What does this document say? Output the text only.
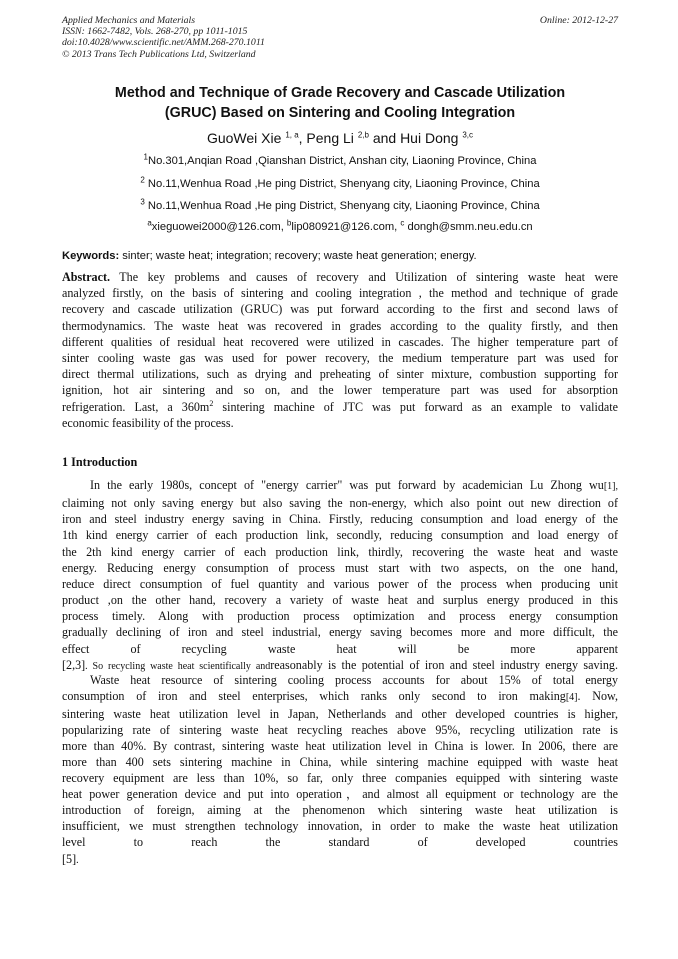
Applied Mechanics and Materials
ISSN: 1662-7482, Vols. 268-270, pp 1011-1015
doi:10.4028/www.scientific.net/AMM.268-270.1011
© 2013 Trans Tech Publications Ltd, Switzerland
Online: 2012-12-27
Method and Technique of Grade Recovery and Cascade Utilization
(GRUC) Based on Sintering and Cooling Integration
GuoWei Xie $^{1, a}$, Peng Li $^{2,b}$ and Hui Dong $^{3,c}$
$^1$No.301,Anqian Road ,Qianshan District, Anshan city, Liaoning Province, China
$^2$ No.11,Wenhua Road ,He ping District, Shenyang city, Liaoning Province, China
$^3$ No.11,Wenhua Road ,He ping District, Shenyang city, Liaoning Province, China
$^a$xieguowei2000@126.com, $^b$lip080921@126.com, $^c$ dongh@smm.neu.edu.cn
Keywords: sinter; waste heat; integration; recovery; waste heat generation; energy.
Abstract. The key problems and causes of recovery and Utilization of sintering waste heat were
analyzed firstly, on the basis of sintering and cooling integration , the method and technique of grade
recovery and cascade utilization (GRUC) was put forward according to the first and second laws of
thermodynamics. The waste heat was recovered in grades according to the quality firstly, and then
different qualities of residual heat recovered were utilized in cascades. The higher temperature part of
sinter cooling waste gas was used for power recovery, the medium temperature part was used for
direct thermal utilizations, such as drying and preheating of sinter mixture, combustion supporting for
ignition, hot air sintering and so on, and the lower temperature part was used for absorption
refrigeration. Last, a $360m^2$ sintering machine of JTC was put forward as an example to validate
economic feasibility of the process.
1 Introduction
In the early 1980s, concept of "energy carrier" was put forward by academician Lu Zhong wu[1],
claiming not only saving energy but also saving the non-energy, which also point out new direction of
iron and steel industry energy saving in China. Firstly, reducing consumption and load energy of the
1th kind energy carrier of each production link, secondly, reducing consumption and load energy of
the 2th kind energy carrier of each production link, thirdly, recovering the waste heat and waste
energy. Reducing energy consumption of process must start with two aspects, on the one hand,
reduce direct consumption of fuel quantity and various power of the process when producing unit
product ,on the other hand, recovery a variety of waste heat and surplus energy produced in this
process timely. Along with production process optimization and process energy consumption
gradually declining of iron and steel industrial, energy saving becomes more and more difficult, the
effect of recycling waste heat will be more apparent
[2,3]. So recycling waste heat scientifically andreasonably is the potential of iron and steel industry energy saving.
Waste heat resource of sintering cooling process accounts for about 15% of total energy
consumption of iron and steel enterprises, which ranks only second to iron making[4]. Now,
sintering waste heat utilization level in Japan, Netherlands and other developed countries is higher,
popularizing rate of sintering waste heat recycling reaches above 95%, recycling utilization rate is
more than 40%. By contrast, sintering waste heat utilization level in China is lower. In 2006, there are
more than 400 sets sintering machine in China, while sintering machine equipped with waste heat
recovery equipment are less than 10%, so far, only three companies equipped with sintering waste
heat power generation device and put into operation，and almost all equipment or technology are the
introduction of foreign, aiming at the phenomenon which sintering waste heat utilization is
insufficient, we must strengthen technology innovation, in order to make the waste heat utilization
level to reach the standard of developed countries
[5].
